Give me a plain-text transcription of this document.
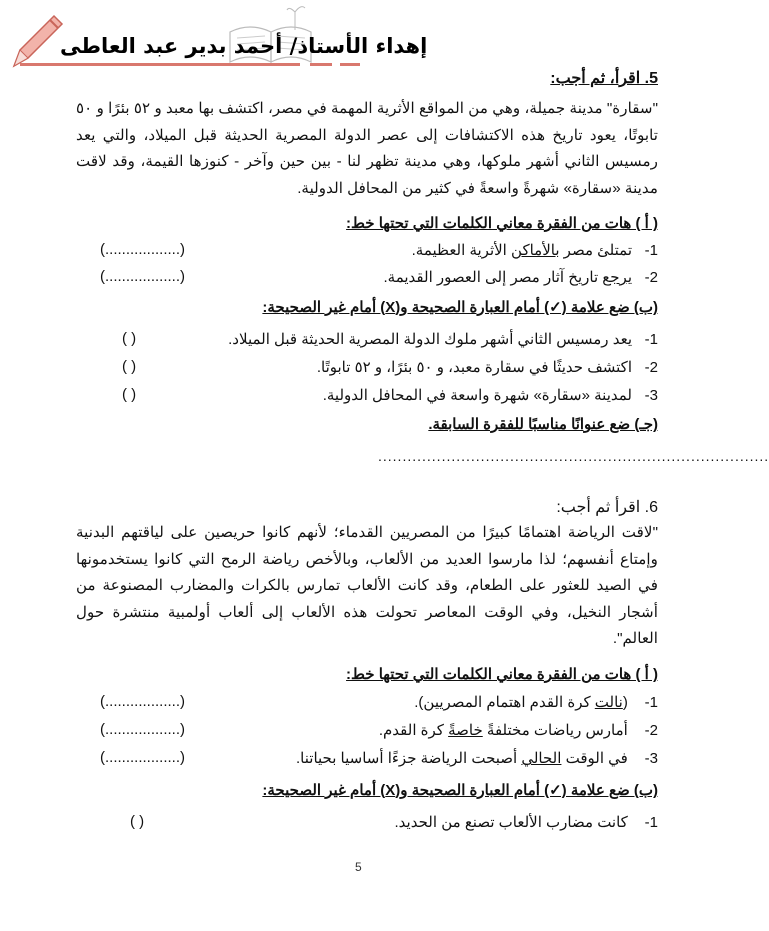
إهداء الأستاذ/ أحمد بدير عبد العاطى
5. اقرأ، ثم أجب:
"سقارة" مدينة جميلة، وهي من المواقع الأثرية المهمة في مصر، اكتشف بها معبد و ٥٢ بئرًا و ٥٠ تابوتًا، يعود تاريخ هذه الاكتشافات إلى عصر الدولة المصرية الحديثة قبل الميلاد، والتي يعد رمسيس الثاني أشهر ملوكها، وهي مدينة تظهر لنا - بين حين وآخر - كنوزها القيمة، وقد لاقت مدينة «سقارة» شهرةً واسعةً في كثير من المحافل الدولية.
( أ ) هات من الفقرة معاني الكلمات التي تحتها خط:
1-تمتلئ مصر بالأماكن الأثرية العظيمة.
(..................)
2-يرجع تاريخ آثار مصر إلى العصور القديمة.
(..................)
(ب) ضع علامة (✓) أمام العبارة الصحيحة و(X) أمام غير الصحيحة:
1-يعد رمسيس الثاني أشهر ملوك الدولة المصرية الحديثة قبل الميلاد.
( )
2-اكتشف حديثًا في سقارة معبد، و ٥٠ بئرًا، و ٥٢ تابوتًا.
( )
3-لمدينة «سقارة» شهرة واسعة في المحافل الدولية.
( )
(جـ) ضع عنوانًا مناسبًا للفقرة السابقة.
................................................................................
6. اقرأ ثم أجب:
"لاقت الرياضة اهتمامًا كبيرًا من المصريين القدماء؛ لأنهم كانوا حريصين على لياقتهم البدنية وإمتاع أنفسهم؛ لذا مارسوا العديد من الألعاب، وبالأخص رياضة الرمح التي كانوا يستخدمونها في الصيد للعثور على الطعام، وقد كانت الألعاب تمارس بالكرات والمضارب المصنوعة من أشجار النخيل، وفي الوقت المعاصر تحولت هذه الألعاب إلى ألعاب أولمبية منتشرة حول العالم".
( أ ) هات من الفقرة معاني الكلمات التي تحتها خط:
1- (نالت كرة القدم اهتمام المصريين).
(..................)
2- أمارس رياضات مختلفةً خاصةً كرة القدم.
(..................)
3- في الوقت الحالي أصبحت الرياضة جزءًا أساسيا بحياتنا.
(..................)
(ب) ضع علامة (✓) أمام العبارة الصحيحة و(X) أمام غير الصحيحة:
1- كانت مضارب الألعاب تصنع من الحديد.
( )
5
